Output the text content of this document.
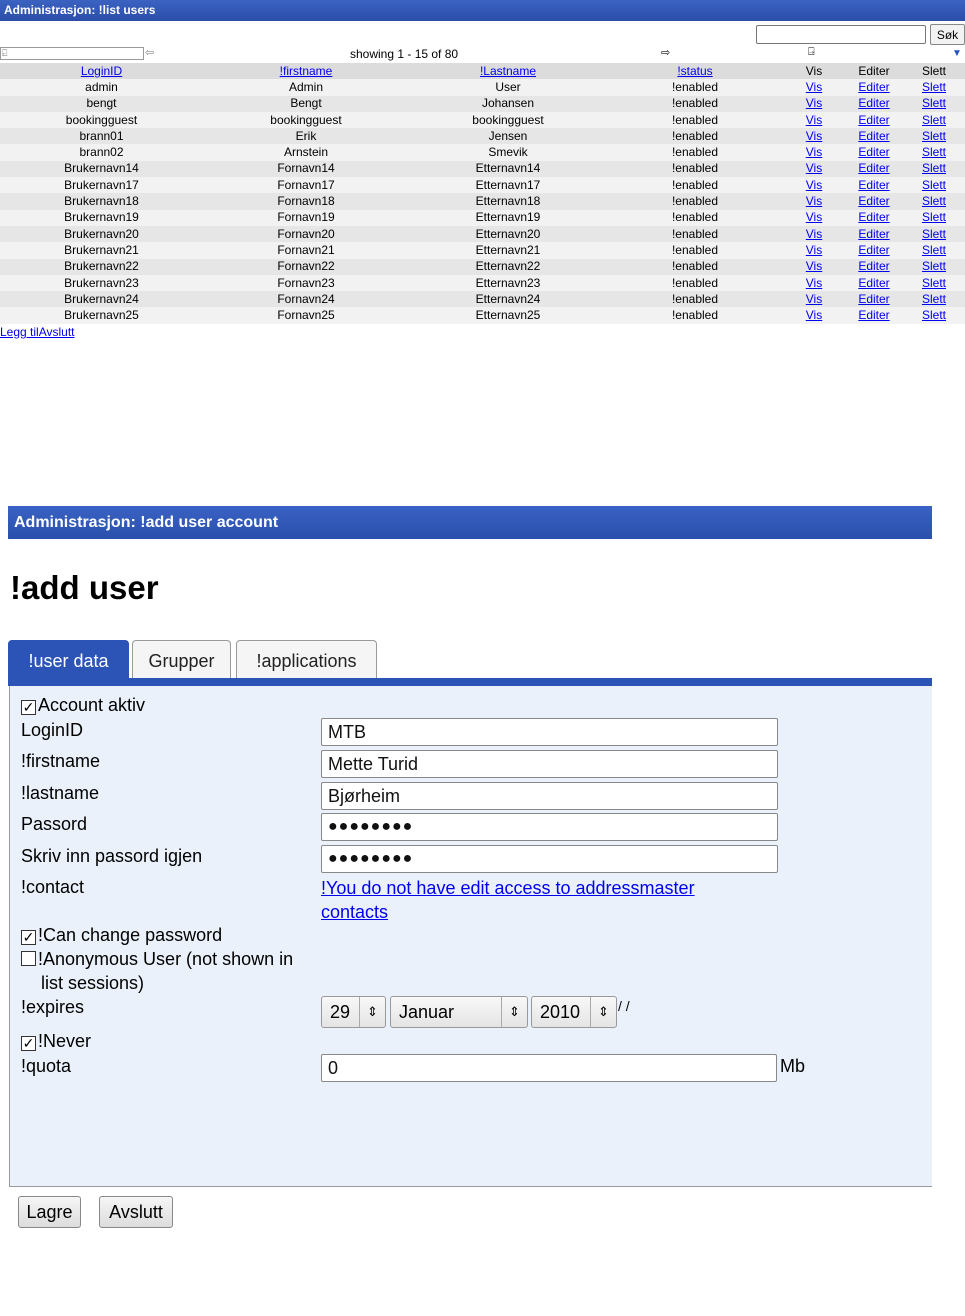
Administrasjon: !list users
Søk
⍇	⇦	showing 1 - 15 of 80	⇨	⍈	▼
LoginID	!firstname	!Lastname	!status	Vis	Editer	Slett
admin	Admin	User	!enabled	Vis	Editer	Slett
bengt	Bengt	Johansen	!enabled	Vis	Editer	Slett
bookingguest	bookingguest	bookingguest	!enabled	Vis	Editer	Slett
brann01	Erik	Jensen	!enabled	Vis	Editer	Slett
brann02	Arnstein	Smevik	!enabled	Vis	Editer	Slett
Brukernavn14	Fornavn14	Etternavn14	!enabled	Vis	Editer	Slett
Brukernavn17	Fornavn17	Etternavn17	!enabled	Vis	Editer	Slett
Brukernavn18	Fornavn18	Etternavn18	!enabled	Vis	Editer	Slett
Brukernavn19	Fornavn19	Etternavn19	!enabled	Vis	Editer	Slett
Brukernavn20	Fornavn20	Etternavn20	!enabled	Vis	Editer	Slett
Brukernavn21	Fornavn21	Etternavn21	!enabled	Vis	Editer	Slett
Brukernavn22	Fornavn22	Etternavn22	!enabled	Vis	Editer	Slett
Brukernavn23	Fornavn23	Etternavn23	!enabled	Vis	Editer	Slett
Brukernavn24	Fornavn24	Etternavn24	!enabled	Vis	Editer	Slett
Brukernavn25	Fornavn25	Etternavn25	!enabled	Vis	Editer	Slett
Legg tilAvslutt
Administrasjon: !add user account
!add user
!user data	Grupper	!applications
✓ Account aktiv
LoginID	MTB
!firstname	Mette Turid
!lastname	Bjørheim
Passord	●●●●●●●●
Skriv inn passord igjen	●●●●●●●●
!contact	!You do not have edit access to addressmaster contacts
✓ !Can change password
!Anonymous User (not shown in
list sessions)
!expires	29	⇕	Januar	⇕	2010	⇕ / /
✓ !Never
!quota	0	Mb
Lagre	Avslutt
